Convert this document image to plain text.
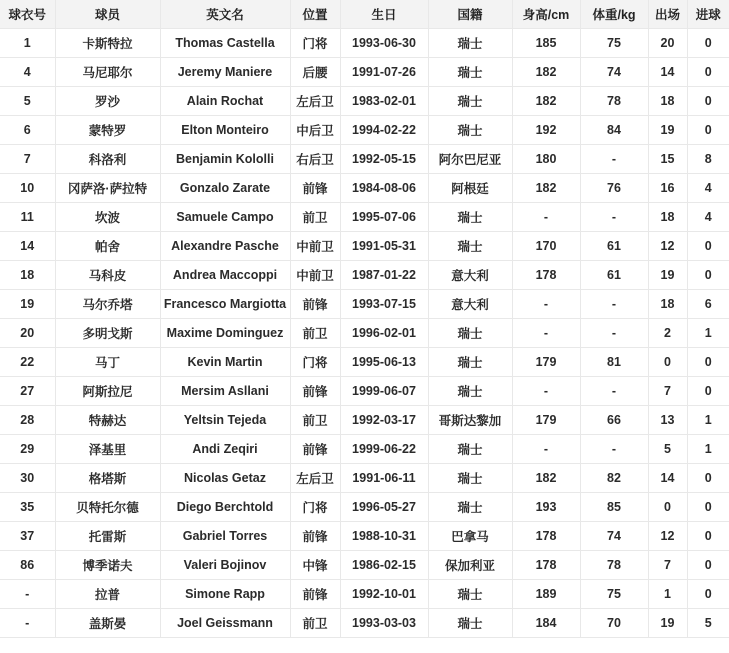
球衣号	球员	英文名	位置	生日	国籍	身高/cm	体重/kg	出场	进球
1	卡斯特拉	Thomas Castella	门将	1993-06-30	瑞士	185	75	20	0
4	马尼耶尔	Jeremy Maniere	后腰	1991-07-26	瑞士	182	74	14	0
5	罗沙	Alain Rochat	左后卫	1983-02-01	瑞士	182	78	18	0
6	蒙特罗	Elton Monteiro	中后卫	1994-02-22	瑞士	192	84	19	0
7	科洛利	Benjamin Kololli	右后卫	1992-05-15	阿尔巴尼亚	180	-	15	8
10	冈萨洛·萨拉特	Gonzalo Zarate	前锋	1984-08-06	阿根廷	182	76	16	4
11	坎波	Samuele Campo	前卫	1995-07-06	瑞士	-	-	18	4
14	帕舍	Alexandre Pasche	中前卫	1991-05-31	瑞士	170	61	12	0
18	马科皮	Andrea Maccoppi	中前卫	1987-01-22	意大利	178	61	19	0
19	马尔乔塔	Francesco Margiotta	前锋	1993-07-15	意大利	-	-	18	6
20	多明戈斯	Maxime Dominguez	前卫	1996-02-01	瑞士	-	-	2	1
22	马丁	Kevin Martin	门将	1995-06-13	瑞士	179	81	0	0
27	阿斯拉尼	Mersim Asllani	前锋	1999-06-07	瑞士	-	-	7	0
28	特赫达	Yeltsin Tejeda	前卫	1992-03-17	哥斯达黎加	179	66	13	1
29	泽基里	Andi Zeqiri	前锋	1999-06-22	瑞士	-	-	5	1
30	格塔斯	Nicolas Getaz	左后卫	1991-06-11	瑞士	182	82	14	0
35	贝特托尔德	Diego Berchtold	门将	1996-05-27	瑞士	193	85	0	0
37	托雷斯	Gabriel Torres	前锋	1988-10-31	巴拿马	178	74	12	0
86	博季诺夫	Valeri Bojinov	中锋	1986-02-15	保加利亚	178	78	7	0
-	拉普	Simone Rapp	前锋	1992-10-01	瑞士	189	75	1	0
-	盖斯晏	Joel Geissmann	前卫	1993-03-03	瑞士	184	70	19	5
